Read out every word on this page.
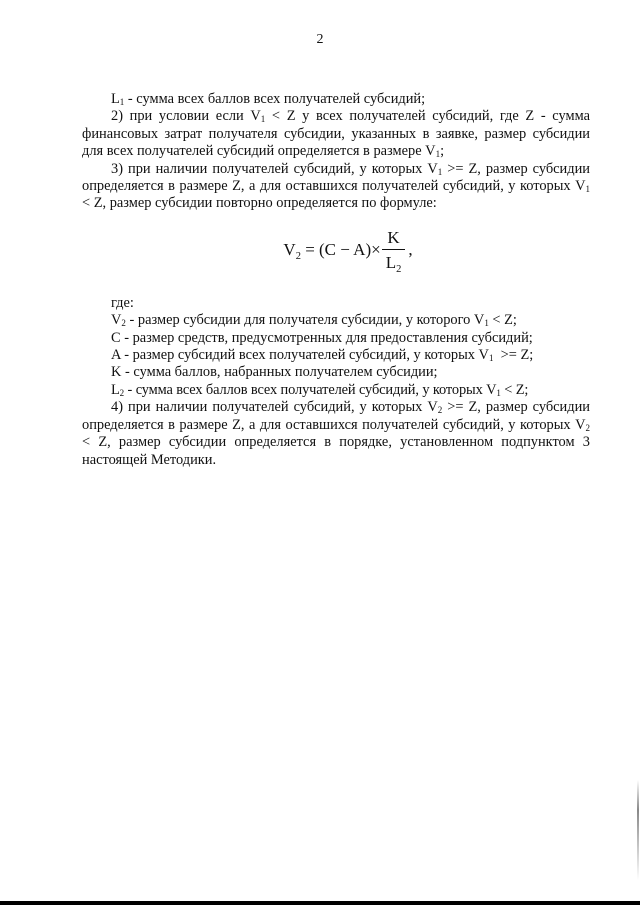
2

$L_1$ - сумма всех баллов всех получателей субсидий;

2) при условии если $V_1 < Z$ у всех получателей субсидий, где Z - сумма финансовых затрат получателя субсидии, указанных в заявке, размер субсидии для всех получателей субсидий определяется в размере $V_1$;

3) при наличии получателей субсидий, у которых $V_1 >= Z$, размер субсидии определяется в размере Z, а для оставшихся получателей субсидий, у которых $V_1 < Z$, размер субсидии повторно определяется по формуле:

$V_2 = (C - A)\times \frac{K}{L_2}$ ,

где:

$V_2$ - размер субсидии для получателя субсидии, у которого $V_1 < Z$;

C - размер средств, предусмотренных для предоставления субсидий;

A - размер субсидий всех получателей субсидий, у которых $V_1 >= Z$;

K - сумма баллов, набранных получателем субсидии;

$L_2$ - сумма всех баллов всех получателей субсидий, у которых $V_1 < Z$;

4) при наличии получателей субсидий, у которых $V_2 >= Z$, размер субсидии определяется в размере Z, а для оставшихся получателей субсидий, у которых $V_2 < Z$, размер субсидии определяется в порядке, установленном подпунктом 3 настоящей Методики.
